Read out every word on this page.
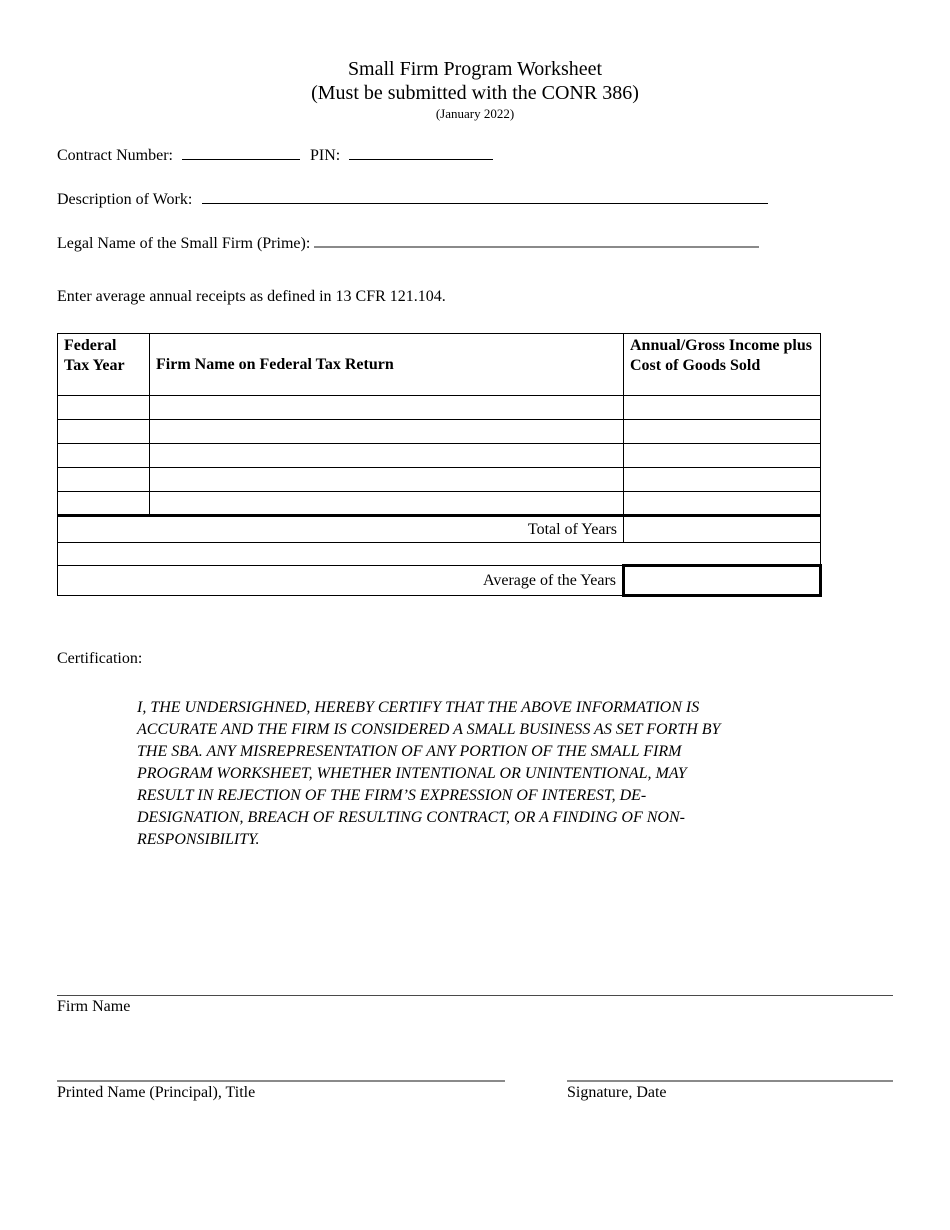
Small Firm Program Worksheet
(Must be submitted with the CONR 386)
(January 2022)
Contract Number:	PIN:
Description of Work:
Legal Name of the Small Firm (Prime):
Enter average annual receipts as defined in 13 CFR 121.104.
Federal Tax Year	Firm Name on Federal Tax Return	Annual/Gross Income plus Cost of Goods Sold

Total of Years		

Average of the Years		
Certification:
I, THE UNDERSIGHNED, HEREBY CERTIFY THAT THE ABOVE INFORMATION IS
ACCURATE AND THE FIRM IS CONSIDERED A SMALL BUSINESS AS SET FORTH BY
THE SBA. ANY MISREPRESENTATION OF ANY PORTION OF THE SMALL FIRM
PROGRAM WORKSHEET, WHETHER INTENTIONAL OR UNINTENTIONAL, MAY
RESULT IN REJECTION OF THE FIRM’S EXPRESSION OF INTEREST, DE-
DESIGNATION, BREACH OF RESULTING CONTRACT, OR A FINDING OF NON-
RESPONSIBILITY.
Firm Name
Printed Name (Principal), Title	Signature, Date
